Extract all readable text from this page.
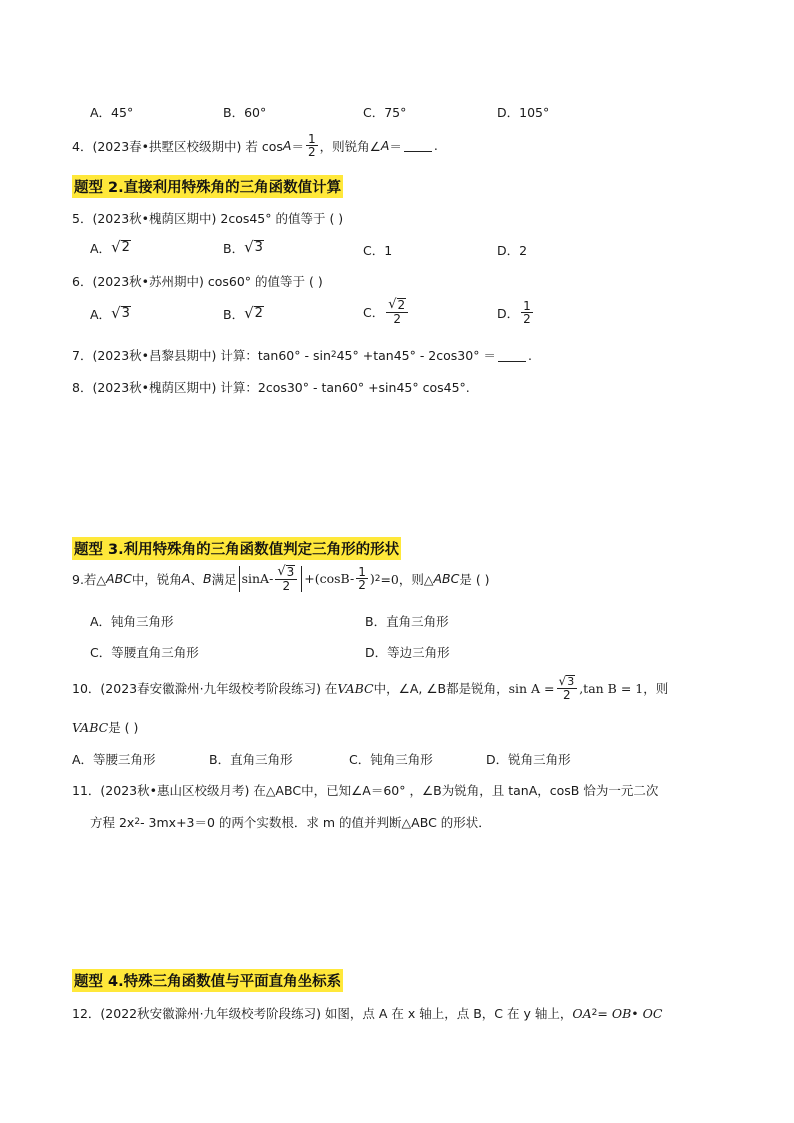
A．45°	B．60°	C．75°	D．105°
4．(2023春•拱墅区校级期中) 若 $\cos A = \frac{1}{2}$ ，则锐角∠ A ＝	.
题型 2.直接利用特殊角的三角函数值计算
5．(2023秋•槐荫区期中) 2cos45° 的值等于 ( )
A． √ 2	B． √ 3	C．1	D．2
6．(2023秋•苏州期中) cos60° 的值等于 ( )
A． √ 3	B． √ 2	C． $\frac{√ 2}{2}$	D． $\frac{1}{2}$
7．(2023秋•昌黎县期中) 计算：tan60° - sin 2 45° +tan45° - 2cos30° ＝	.
8．(2023秋•槐荫区期中) 计算：2cos30° - tan60° +sin45° cos45°.
题型 3.利用特殊角的三角函数值判定三角形的形状
9.若△ ABC 中，锐角 A 、 B 满足 $\sin A- \frac{√ 3}{2} +(\cos B- \frac{1}{2}$ ) 2 =0，则△ ABC 是 ( )
A．钝角三角形	B．直角三角形
C．等腰直角三角形	D．等边三角形
10．(2023春安徽滁州·九年级校考阶段练习) 在 VABC 中，∠A, ∠B都是锐角， $\sin A = \frac{√ 3}{2} ,\tan$ B = 1，则
VABC 是 ( )
A．等腰三角形	B．直角三角形	C．钝角三角形	D．锐角三角形
11．(2023秋•惠山区校级月考) 在△ABC中，已知∠A＝60° ，∠B为锐角，且 tanA，cosB 恰为一元二次
方程 2x 2 - 3mx+3＝0 的两个实数根．求 m 的值并判断△ABC 的形状．
题型 4.特殊三角函数值与平面直角坐标系
12．(2022秋安徽滁州·九年级校考阶段练习) 如图，点 A 在 x 轴上，点 B，C 在 y 轴上， OA 2 = OB• OC
